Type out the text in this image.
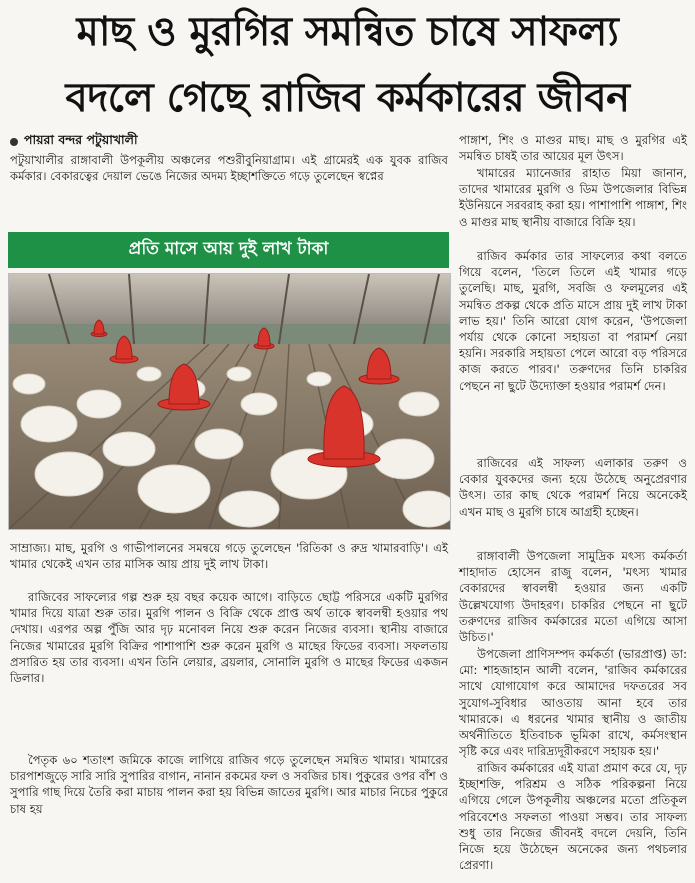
মাছ ও মুরগির সমন্বিত চাষে সাফল্য
বদলে গেছে রাজিব কর্মকারের জীবন
পায়রা বন্দর পটুয়াখালী

পটুয়াখালীর রাঙ্গাবালী উপকূলীয় অঞ্চলের পশুরীবুনিয়াগ্রাম। এই গ্রামেরই এক যুবক রাজিব কর্মকার। বেকারত্বের দেয়াল ভেঙে নিজের অদম্য ইচ্ছাশক্তিতে গড়ে তুলেছেন স্বপ্নের

প্রতি মাসে আয় দুই লাখ টাকা

সাম্রাজ্য। মাছ, মুরগি ও গাভীপালনের সমন্বয়ে গড়ে তুলেছেন 'রিতিকা ও রুদ্র খামারবাড়ি'। এই খামার থেকেই এখন তার মাসিক আয় প্রায় দুই লাখ টাকা।

রাজিবের সাফল্যের গল্প শুরু হয় বছর কয়েক আগে। বাড়িতে ছোট্ট পরিসরে একটি মুরগির খামার দিয়ে যাত্রা শুরু তার। মুরগি পালন ও বিক্রি থেকে প্রাপ্ত অর্থ তাকে স্বাবলম্বী হওয়ার পথ দেখায়। এরপর অল্প পুঁজি আর দৃঢ় মনোবল নিয়ে শুরু করেন নিজের ব্যবসা। স্থানীয় বাজারে নিজের খামারের মুরগি বিক্রির পাশাপাশি শুরু করেন মুরগি ও মাছের ফিডের ব্যবসা। সফলতায় প্রসারিত হয় তার ব্যবসা। এখন তিনি লেয়ার, ব্রয়লার, সোনালি মুরগি ও মাছের ফিডের একজন ডিলার।

পৈতৃক ৬০ শতাংশ জমিকে কাজে লাগিয়ে রাজিব গড়ে তুলেছেন সমন্বিত খামার। খামারের চারপাশজুড়ে সারি সারি সুপারির বাগান, নানান রকমের ফল ও সবজির চাষ। পুকুরের ওপর বাঁশ ও সুপারি গাছ দিয়ে তৈরি করা মাচায় পালন করা হয় বিভিন্ন জাতের মুরগি। আর মাচার নিচের পুকুরে চাষ হয়

পাঙ্গাশ, শিং ও মাগুর মাছ। মাছ ও মুরগির এই সমন্বিত চাষই তার আয়ের মূল উৎস।

খামারের ম্যানেজার রাহাত মিয়া জানান, তাদের খামারের মুরগি ও ডিম উপজেলার বিভিন্ন ইউনিয়নে সরবরাহ করা হয়। পাশাপাশি পাঙ্গাশ, শিং ও মাগুর মাছ স্থানীয় বাজারে বিক্রি হয়।

রাজিব কর্মকার তার সাফল্যের কথা বলতে গিয়ে বলেন, 'তিলে তিলে এই খামার গড়ে তুলেছি। মাছ, মুরগি, সবজি ও ফলমূলের এই সমন্বিত প্রকল্প থেকে প্রতি মাসে প্রায় দুই লাখ টাকা লাভ হয়।' তিনি আরো যোগ করেন, 'উপজেলা পর্যায় থেকে কোনো সহায়তা বা পরামর্শ নেয়া হয়নি। সরকারি সহায়তা পেলে আরো বড় পরিসরে কাজ করতে পারব।' তরুণদের তিনি চাকরির পেছনে না ছুটে উদ্যোক্তা হওয়ার পরামর্শ দেন।

রাজিবের এই সাফল্য এলাকার তরুণ ও বেকার যুবকদের জন্য হয়ে উঠেছে অনুপ্রেরণার উৎস। তার কাছ থেকে পরামর্শ নিয়ে অনেকেই এখন মাছ ও মুরগি চাষে আগ্রহী হচ্ছেন।

রাঙ্গাবালী উপজেলা সামুদ্রিক মৎস্য কর্মকর্তা শাহাদাত হোসেন রাজু বলেন, 'মৎস্য খামার বেকারদের স্বাবলম্বী হওয়ার জন্য একটি উল্লেখযোগ্য উদাহরণ। চাকরির পেছনে না ছুটে তরুণদের রাজিব কর্মকারের মতো এগিয়ে আসা উচিত।'

উপজেলা প্রাণিসম্পদ কর্মকর্তা (ভারপ্রাপ্ত) ডা: মো: শাহজাহান আলী বলেন, 'রাজিব কর্মকারের সাথে যোগাযোগ করে আমাদের দফতরের সব সুযোগ-সুবিধার আওতায় আনা হবে তার খামারকে। এ ধরনের খামার স্থানীয় ও জাতীয় অর্থনীতিতে ইতিবাচক ভূমিকা রাখে, কর্মসংস্থান সৃষ্টি করে এবং দারিদ্র্যদূরীকরণে সহায়ক হয়।'

রাজিব কর্মকারের এই যাত্রা প্রমাণ করে যে, দৃঢ় ইচ্ছাশক্তি, পরিশ্রম ও সঠিক পরিকল্পনা নিয়ে এগিয়ে গেলে উপকূলীয় অঞ্চলের মতো প্রতিকূল পরিবেশেও সফলতা পাওয়া সম্ভব। তার সাফল্য শুধু তার নিজের জীবনই বদলে দেয়নি, তিনি নিজে হয়ে উঠেছেন অনেকের জন্য পথচলার প্রেরণা।
